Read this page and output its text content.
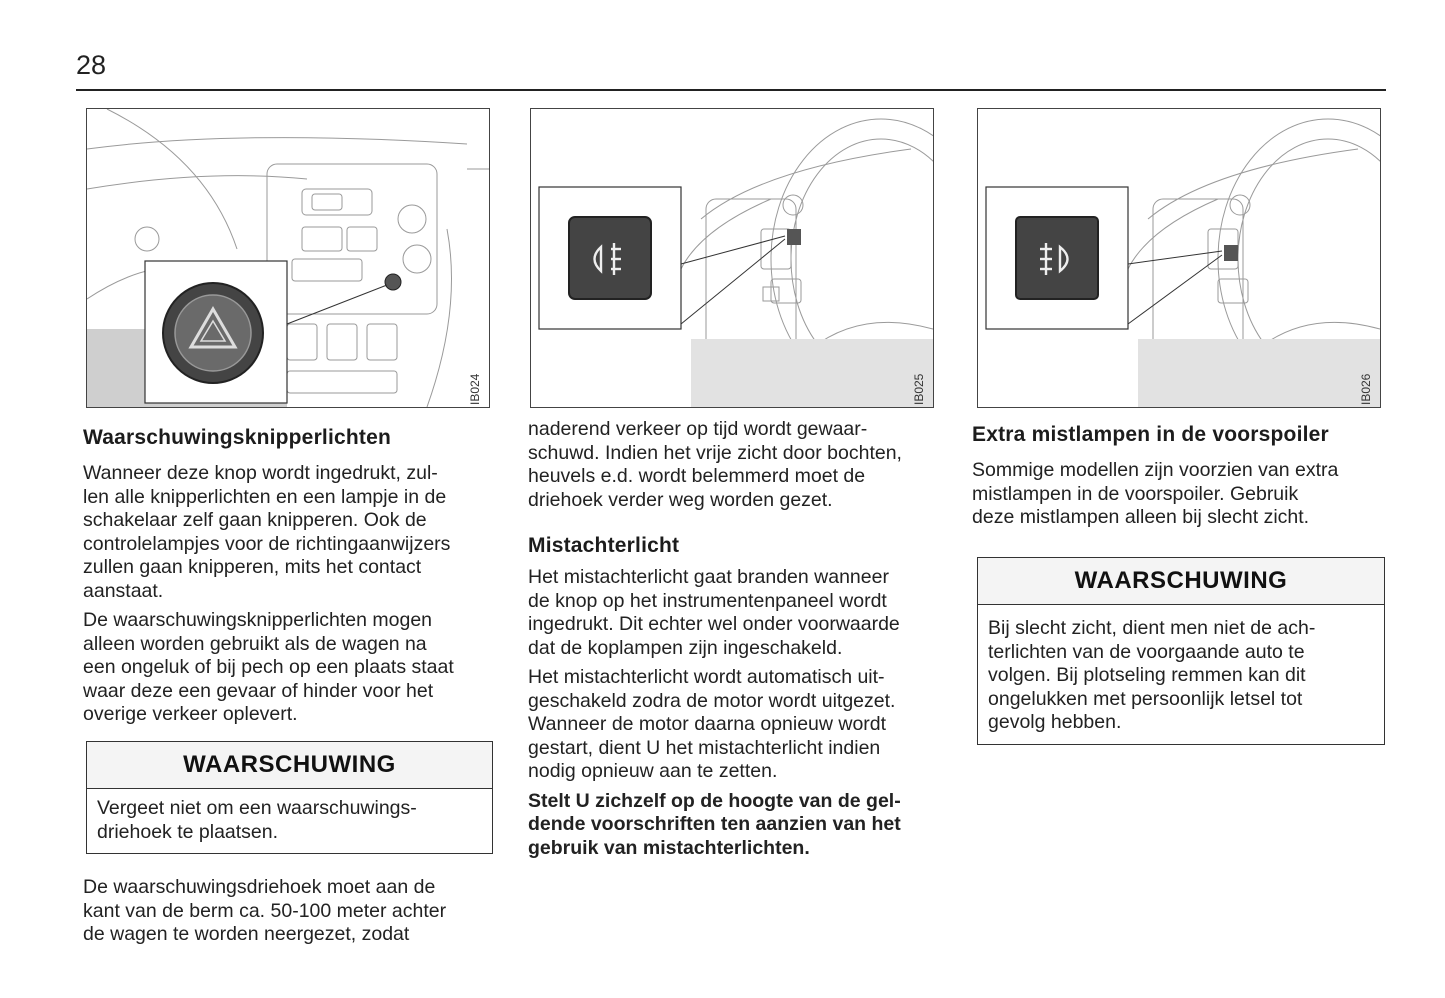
28
IB024	IB025	IB026
Waarschuwingsknipperlichten

Wanneer deze knop wordt ingedrukt, zul-
len alle knipperlichten en een lampje in de
schakelaar zelf gaan knipperen. Ook de
controlelampjes voor de richtingaanwijzers
zullen gaan knipperen, mits het contact
aanstaat.

De waarschuwingsknipperlichten mogen
alleen worden gebruikt als de wagen na
een ongeluk of bij pech op een plaats staat
waar deze een gevaar of hinder voor het
overige verkeer oplevert.

WAARSCHUWING
Vergeet niet om een waarschuwings-
driehoek te plaatsen.

De waarschuwingsdriehoek moet aan de
kant van de berm ca. 50-100 meter achter
de wagen te worden neergezet, zodat

naderend verkeer op tijd wordt gewaar-
schuwd. Indien het vrije zicht door bochten,
heuvels e.d. wordt belemmerd moet de
driehoek verder weg worden gezet.

Mistachterlicht

Het mistachterlicht gaat branden wanneer
de knop op het instrumentenpaneel wordt
ingedrukt. Dit echter wel onder voorwaarde
dat de koplampen zijn ingeschakeld.

Het mistachterlicht wordt automatisch uit-
geschakeld zodra de motor wordt uitgezet.
Wanneer de motor daarna opnieuw wordt
gestart, dient U het mistachterlicht indien
nodig opnieuw aan te zetten.

Stelt U zichzelf op de hoogte van de gel-
dende voorschriften ten aanzien van het
gebruik van mistachterlichten.

Extra mistlampen in de voorspoiler

Sommige modellen zijn voorzien van extra
mistlampen in de voorspoiler. Gebruik
deze mistlampen alleen bij slecht zicht.

WAARSCHUWING
Bij slecht zicht, dient men niet de ach-
terlichten van de voorgaande auto te
volgen. Bij plotseling remmen kan dit
ongelukken met persoonlijk letsel tot
gevolg hebben.
